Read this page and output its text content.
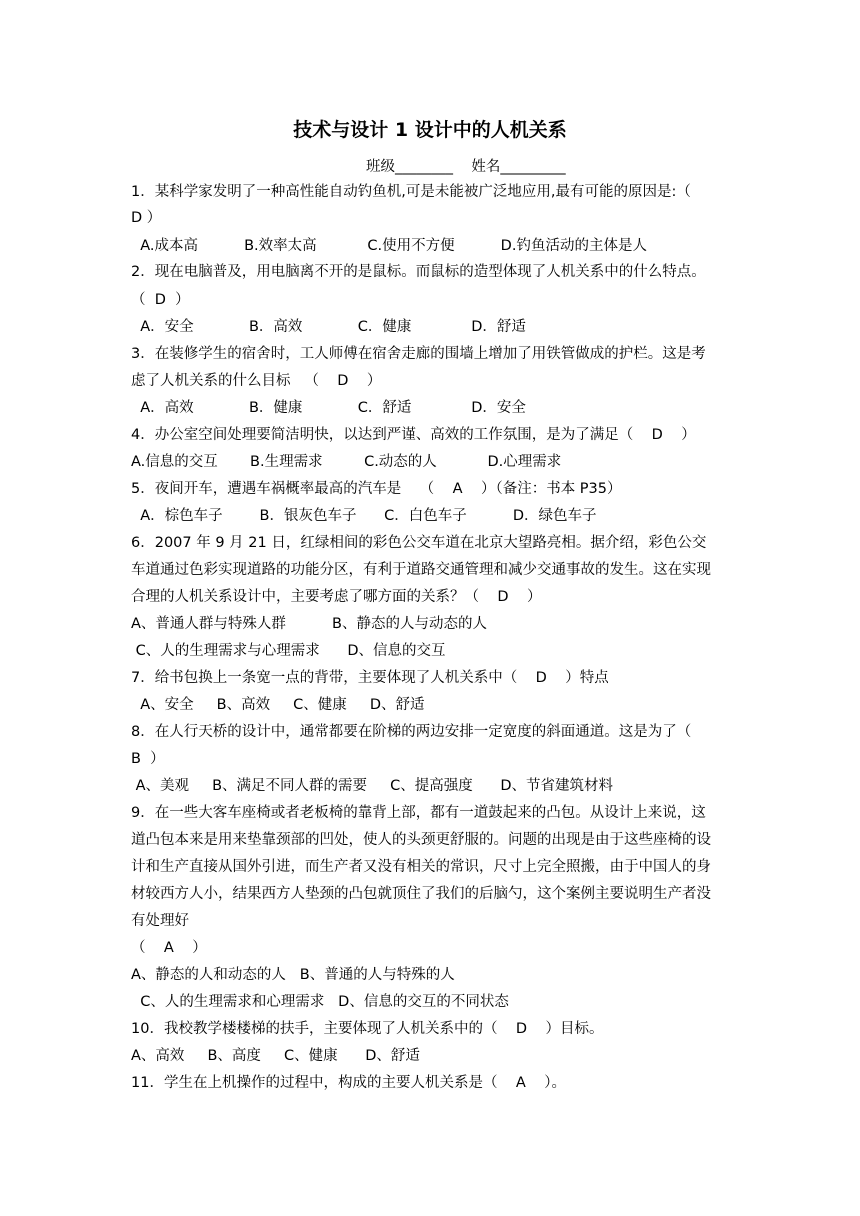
技术与设计 1 设计中的人机关系
班级________    姓名_________
1．某科学家发明了一种高性能自动钓鱼机,可是未能被广泛地应用,最有可能的原因是:（
D ）
A.成本高          B.效率太高           C.使用不方便          D.钓鱼活动的主体是人
2．现在电脑普及，用电脑离不开的是鼠标。而鼠标的造型体现了人机关系中的什么特点。
（  D  ）
A．安全            B．高效            C．健康             D．舒适
3．在装修学生的宿舍时，工人师傅在宿舍走廊的围墙上增加了用铁管做成的护栏。这是考
虑了人机关系的什么目标   （    D    ）
A．高效            B．健康            C．舒适             D．安全
4．办公室空间处理要简洁明快，以达到严谨、高效的工作氛围，是为了满足（    D    ）
A.信息的交互       B.生理需求         C.动态的人           D.心理需求
5．夜间开车，遭遇车祸概率最高的汽车是    （    A    ）（备注：书本 P35）
A．棕色车子        B．银灰色车子      C．白色车子          D．绿色车子
6．2007 年 9 月 21 日，红绿相间的彩色公交车道在北京大望路亮相。据介绍，彩色公交
车道通过色彩实现道路的功能分区，有利于道路交通管理和减少交通事故的发生。这在实现
合理的人机关系设计中，主要考虑了哪方面的关系？（    D    ）
A、普通人群与特殊人群          B、静态的人与动态的人
C、人的生理需求与心理需求      D、信息的交互
7．给书包换上一条宽一点的背带，主要体现了人机关系中（    D    ）特点
A、安全     B、高效     C、健康     D、舒适
8．在人行天桥的设计中，通常都要在阶梯的两边安排一定宽度的斜面通道。这是为了（
B  ）
A、美观     B、满足不同人群的需要     C、提高强度      D、节省建筑材料
9．在一些大客车座椅或者老板椅的靠背上部，都有一道鼓起来的凸包。从设计上来说，这
道凸包本来是用来垫靠颈部的凹处，使人的头颈更舒服的。问题的出现是由于这些座椅的设
计和生产直接从国外引进，而生产者又没有相关的常识，尺寸上完全照搬，由于中国人的身
材较西方人小，结果西方人垫颈的凸包就顶住了我们的后脑勺，这个案例主要说明生产者没
有处理好
（    A    ）
A、静态的人和动态的人   B、普通的人与特殊的人
C、人的生理需求和心理需求   D、信息的交互的不同状态
10．我校教学楼楼梯的扶手，主要体现了人机关系中的（    D    ）目标。
A、高效     B、高度     C、健康      D、舒适
11．学生在上机操作的过程中，构成的主要人机关系是（    A    ）。
